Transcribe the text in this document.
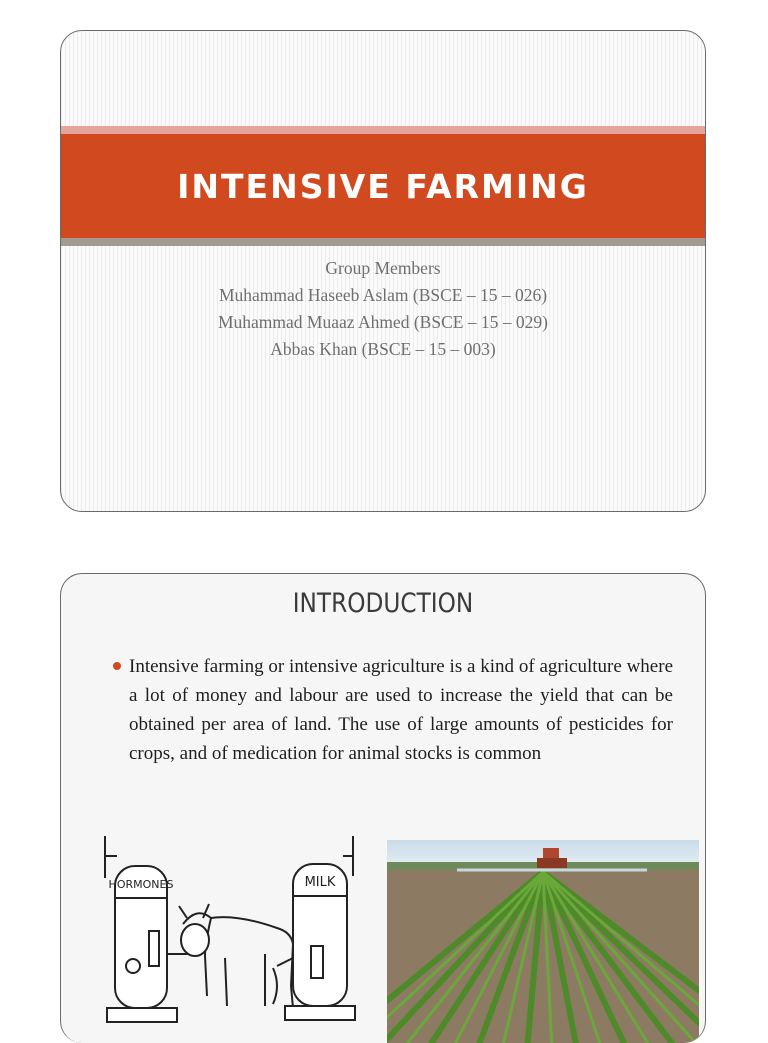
INTENSIVE FARMING
Group Members
Muhammad Haseeb Aslam (BSCE – 15 – 026)
Muhammad Muaaz Ahmed (BSCE – 15 – 029)
Abbas Khan (BSCE – 15 – 003)
INTRODUCTION

Intensive farming or intensive agriculture is a kind of agriculture where a lot of money and labour are used to increase the yield that can be obtained per area of land. The use of large amounts of pesticides for crops, and of medication for animal stocks is common

HORMONES	MILK
